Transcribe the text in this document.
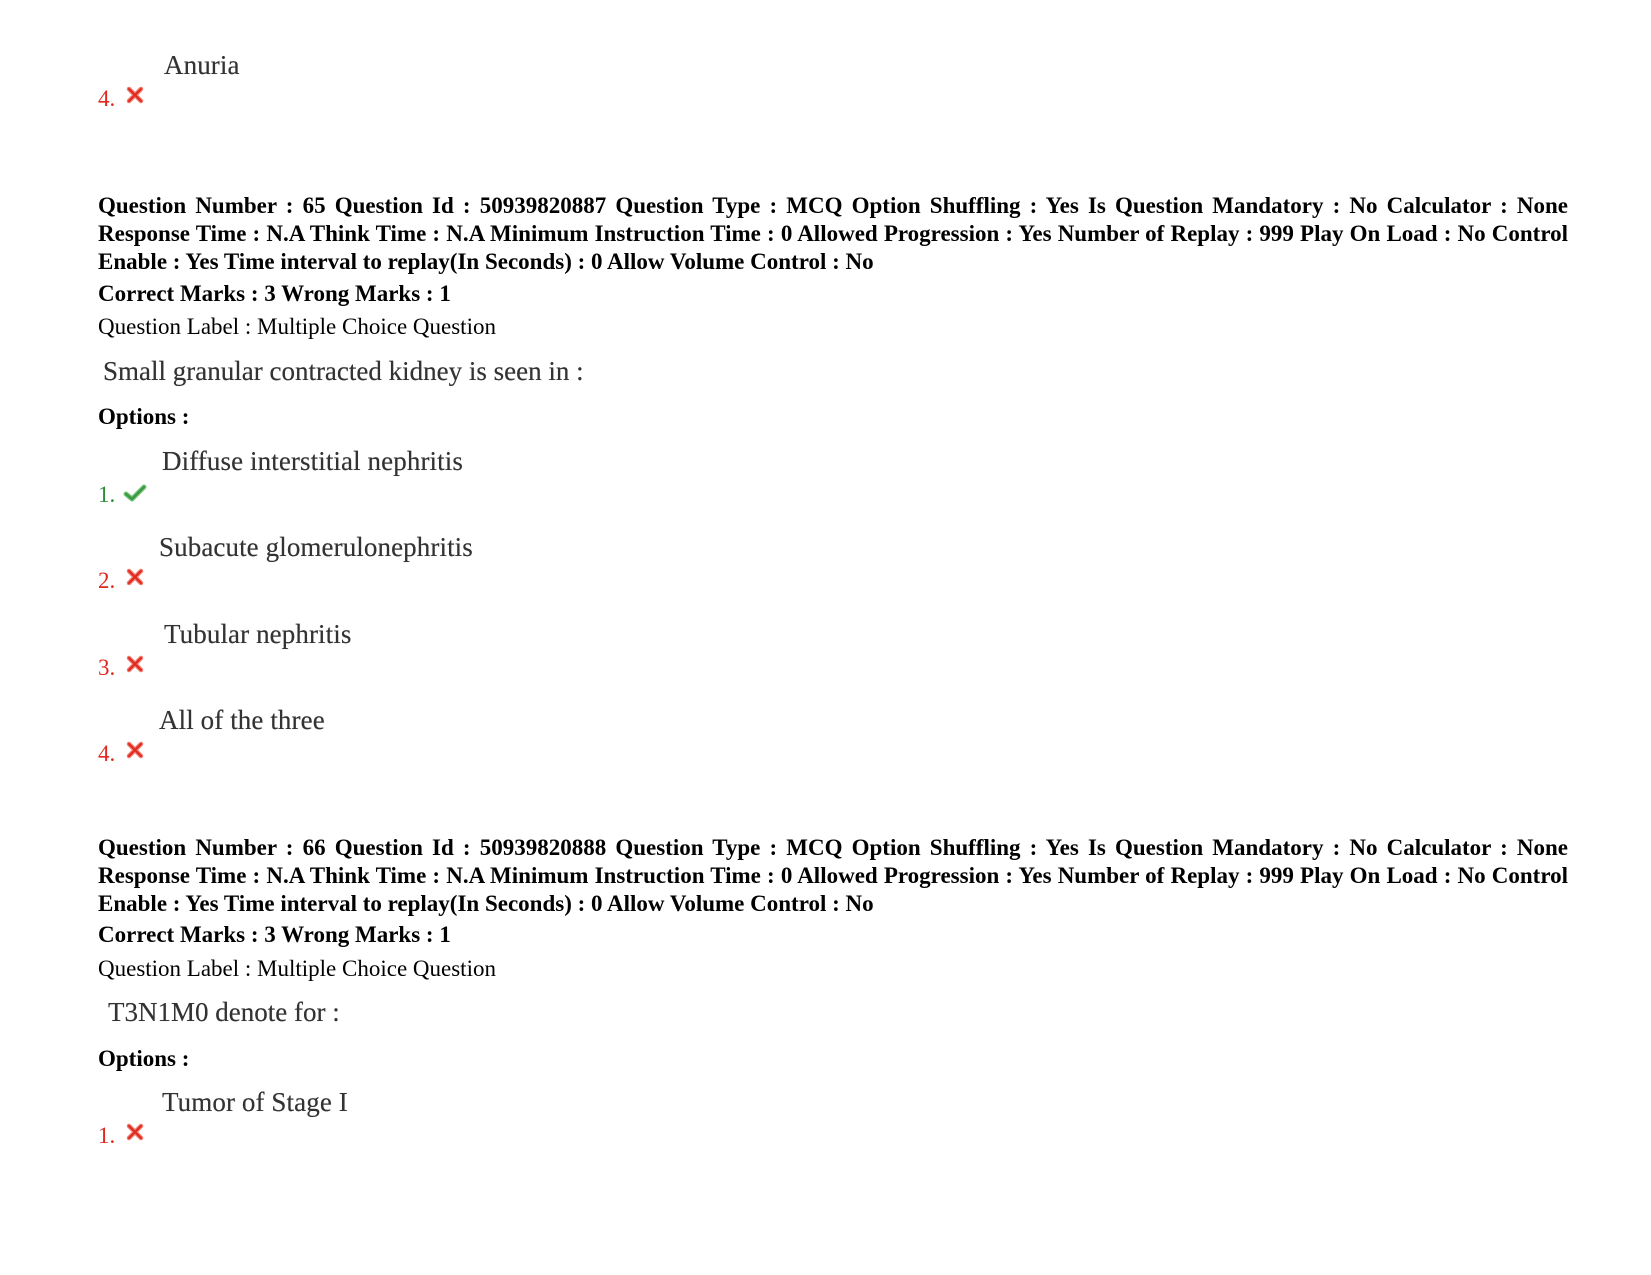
4.
Anuria
Question Number : 65 Question Id : 50939820887 Question Type : MCQ Option Shuffling : Yes Is Question Mandatory : No Calculator : None Response Time : N.A Think Time : N.A Minimum Instruction Time : 0 Allowed Progression : Yes Number of Replay : 999 Play On Load : No Control Enable : Yes Time interval to replay(In Seconds) : 0 Allow Volume Control : No
Correct Marks : 3 Wrong Marks : 1
Question Label : Multiple Choice Question
Small granular contracted kidney is seen in :
Options :
1.
Diffuse interstitial nephritis
2.
Subacute glomerulonephritis
3.
Tubular nephritis
4.
All of the three
Question Number : 66 Question Id : 50939820888 Question Type : MCQ Option Shuffling : Yes Is Question Mandatory : No Calculator : None Response Time : N.A Think Time : N.A Minimum Instruction Time : 0 Allowed Progression : Yes Number of Replay : 999 Play On Load : No Control Enable : Yes Time interval to replay(In Seconds) : 0 Allow Volume Control : No
Correct Marks : 3 Wrong Marks : 1
Question Label : Multiple Choice Question
T3N1M0 denote for :
Options :
1.
Tumor of Stage I
